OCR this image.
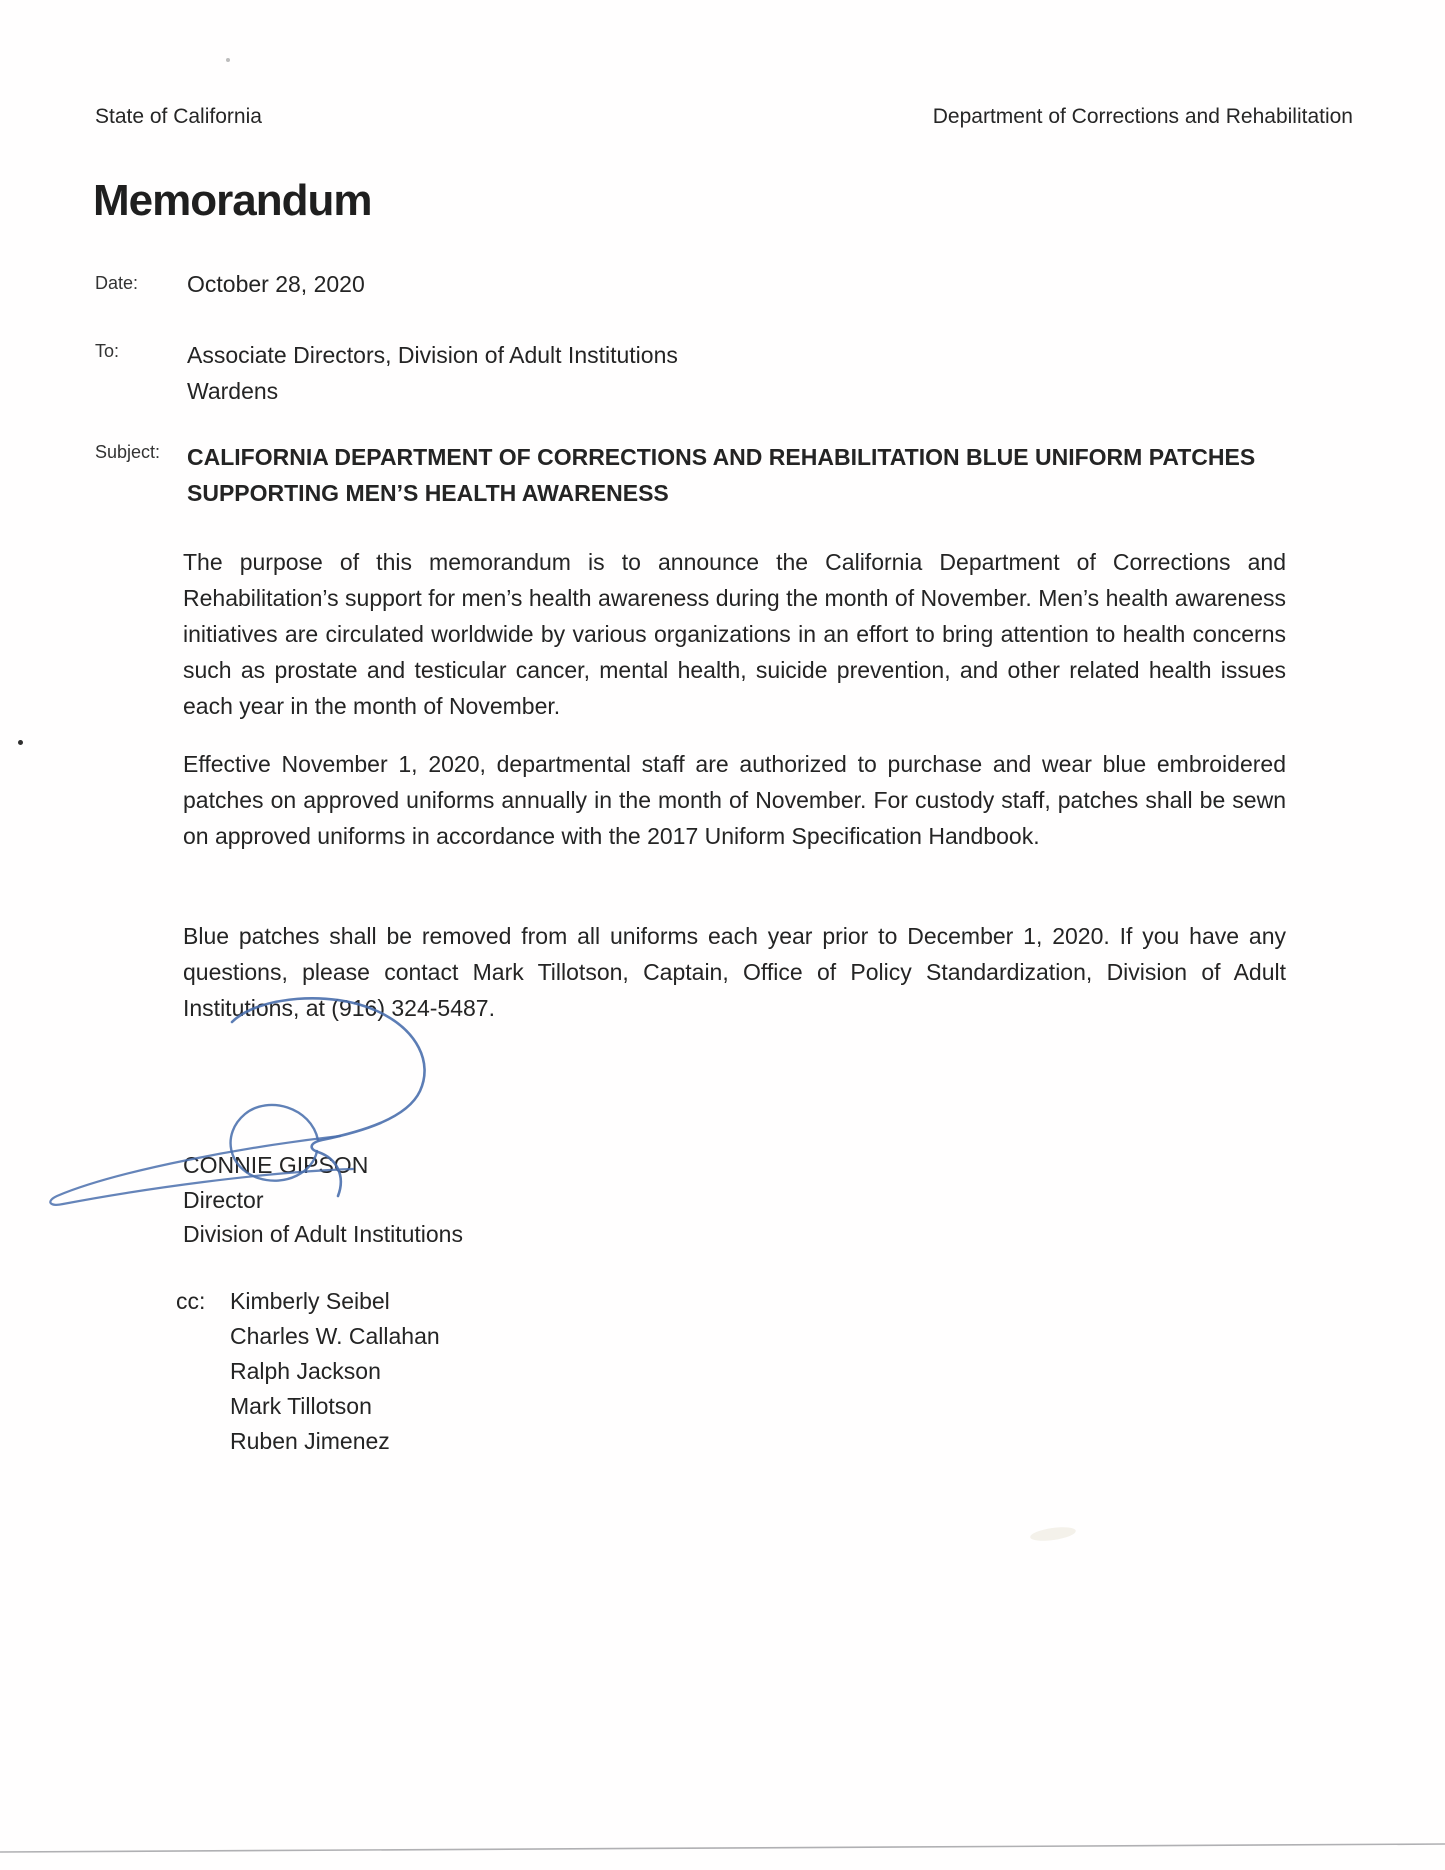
State of California	Department of Corrections and Rehabilitation
Memorandum
Date: October 28, 2020
To:	Associate Directors, Division of Adult Institutions
Wardens
Subject: CALIFORNIA DEPARTMENT OF CORRECTIONS AND REHABILITATION BLUE UNIFORM PATCHES SUPPORTING MEN’S HEALTH AWARENESS
The purpose of this memorandum is to announce the California Department of Corrections and Rehabilitation’s support for men’s health awareness during the month of November. Men’s health awareness initiatives are circulated worldwide by various organizations in an effort to bring attention to health concerns such as prostate and testicular cancer, mental health, suicide prevention, and other related health issues each year in the month of November.
Effective November 1, 2020, departmental staff are authorized to purchase and wear blue embroidered patches on approved uniforms annually in the month of November. For custody staff, patches shall be sewn on approved uniforms in accordance with the 2017 Uniform Specification Handbook.
Blue patches shall be removed from all uniforms each year prior to December 1, 2020. If you have any questions, please contact Mark Tillotson, Captain, Office of Policy Standardization, Division of Adult Institutions, at (916) 324-5487.
CONNIE GIPSON
Director
Division of Adult Institutions
cc: Kimberly Seibel
Charles W. Callahan
Ralph Jackson
Mark Tillotson
Ruben Jimenez
